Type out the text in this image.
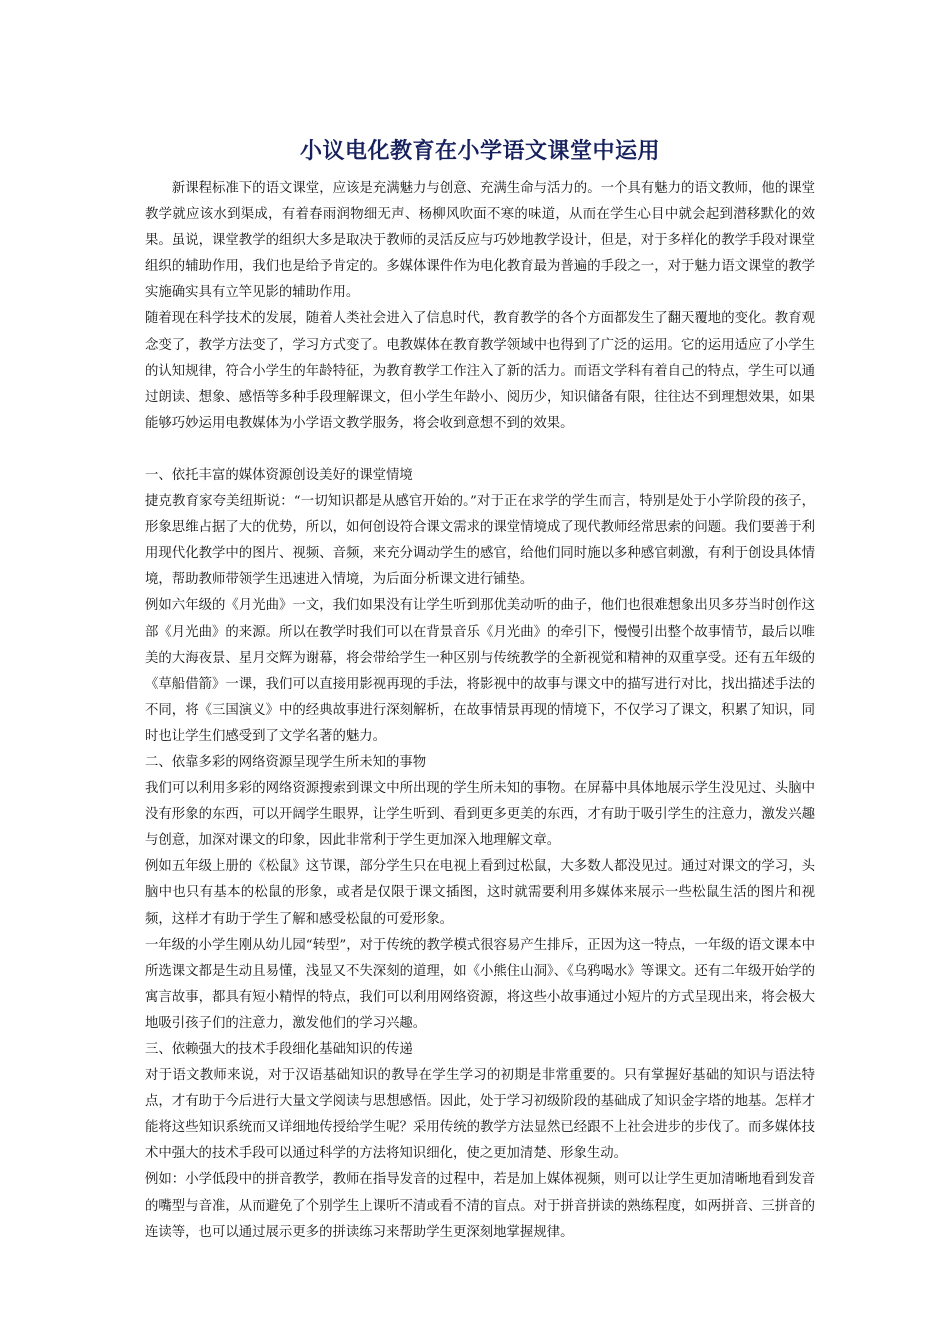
小议电化教育在小学语文课堂中运用

新课程标准下的语文课堂，应该是充满魅力与创意、充满生命与活力的。一个具有魅力的语文教师，他的课堂教学就应该水到渠成，有着春雨润物细无声、杨柳风吹面不寒的味道，从而在学生心目中就会起到潜移默化的效果。虽说，课堂教学的组织大多是取决于教师的灵活反应与巧妙地教学设计，但是，对于多样化的教学手段对课堂组织的辅助作用，我们也是给予肯定的。多媒体课件作为电化教育最为普遍的手段之一，对于魅力语文课堂的教学实施确实具有立竿见影的辅助作用。

随着现在科学技术的发展，随着人类社会进入了信息时代，教育教学的各个方面都发生了翻天覆地的变化。教育观念变了，教学方法变了，学习方式变了。电教媒体在教育教学领域中也得到了广泛的运用。它的运用适应了小学生的认知规律，符合小学生的年龄特征，为教育教学工作注入了新的活力。而语文学科有着自己的特点，学生可以通过朗读、想象、感悟等多种手段理解课文，但小学生年龄小、阅历少，知识储备有限，往往达不到理想效果，如果能够巧妙运用电教媒体为小学语文教学服务，将会收到意想不到的效果。

一、依托丰富的媒体资源创设美好的课堂情境

捷克教育家夸美纽斯说：“一切知识都是从感官开始的。”对于正在求学的学生而言，特别是处于小学阶段的孩子，形象思维占据了大的优势，所以，如何创设符合课文需求的课堂情境成了现代教师经常思索的问题。我们要善于利用现代化教学中的图片、视频、音频，来充分调动学生的感官，给他们同时施以多种感官刺激，有利于创设具体情境，帮助教师带领学生迅速进入情境，为后面分析课文进行铺垫。

例如六年级的《月光曲》一文，我们如果没有让学生听到那优美动听的曲子，他们也很难想象出贝多芬当时创作这部《月光曲》的来源。所以在教学时我们可以在背景音乐《月光曲》的牵引下，慢慢引出整个故事情节，最后以唯美的大海夜景、星月交辉为谢幕，将会带给学生一种区别与传统教学的全新视觉和精神的双重享受。还有五年级的《草船借箭》一课，我们可以直接用影视再现的手法，将影视中的故事与课文中的描写进行对比，找出描述手法的不同，将《三国演义》中的经典故事进行深刻解析，在故事情景再现的情境下，不仅学习了课文，积累了知识，同时也让学生们感受到了文学名著的魅力。

二、依靠多彩的网络资源呈现学生所未知的事物

我们可以利用多彩的网络资源搜索到课文中所出现的学生所未知的事物。在屏幕中具体地展示学生没见过、头脑中没有形象的东西，可以开阔学生眼界，让学生听到、看到更多更美的东西，才有助于吸引学生的注意力，激发兴趣与创意，加深对课文的印象，因此非常利于学生更加深入地理解文章。

例如五年级上册的《松鼠》这节课，部分学生只在电视上看到过松鼠，大多数人都没见过。通过对课文的学习，头脑中也只有基本的松鼠的形象，或者是仅限于课文插图，这时就需要利用多媒体来展示一些松鼠生活的图片和视频，这样才有助于学生了解和感受松鼠的可爱形象。

一年级的小学生刚从幼儿园“转型”，对于传统的教学模式很容易产生排斥，正因为这一特点，一年级的语文课本中所选课文都是生动且易懂，浅显又不失深刻的道理，如《小熊住山洞》、《乌鸦喝水》等课文。还有二年级开始学的寓言故事，都具有短小精悍的特点，我们可以利用网络资源，将这些小故事通过小短片的方式呈现出来，将会极大地吸引孩子们的注意力，激发他们的学习兴趣。

三、依赖强大的技术手段细化基础知识的传递

对于语文教师来说，对于汉语基础知识的教导在学生学习的初期是非常重要的。只有掌握好基础的知识与语法特点，才有助于今后进行大量文学阅读与思想感悟。因此，处于学习初级阶段的基础成了知识金字塔的地基。怎样才能将这些知识系统而又详细地传授给学生呢？采用传统的教学方法显然已经跟不上社会进步的步伐了。而多媒体技术中强大的技术手段可以通过科学的方法将知识细化，使之更加清楚、形象生动。

例如：小学低段中的拼音教学，教师在指导发音的过程中，若是加上媒体视频，则可以让学生更加清晰地看到发音的嘴型与音准，从而避免了个别学生上课听不清或看不清的盲点。对于拼音拼读的熟练程度，如两拼音、三拼音的连读等，也可以通过展示更多的拼读练习来帮助学生更深刻地掌握规律。
